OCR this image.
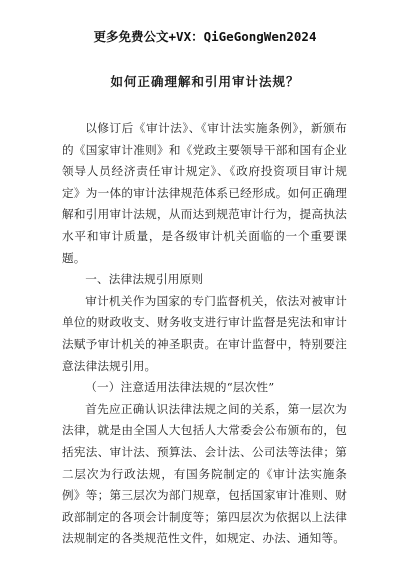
更多免费公文+VX：QiGeGongWen2024
如何正确理解和引用审计法规？

以修订后《审计法》、《审计法实施条例》，新颁布的《国家审计准则》和《党政主要领导干部和国有企业领导人员经济责任审计规定》、《政府投资项目审计规定》为一体的审计法律规范体系已经形成。如何正确理解和引用审计法规，从而达到规范审计行为，提高执法水平和审计质量，是各级审计机关面临的一个重要课题。

一、法律法规引用原则

审计机关作为国家的专门监督机关，依法对被审计单位的财政收支、财务收支进行审计监督是宪法和审计法赋予审计机关的神圣职责。在审计监督中，特别要注意法律法规引用。

（一）注意适用法律法规的“层次性”

首先应正确认识法律法规之间的关系，第一层次为法律，就是由全国人大包括人大常委会公布颁布的，包括宪法、审计法、预算法、会计法、公司法等法律；第二层次为行政法规，有国务院制定的《审计法实施条例》等；第三层次为部门规章，包括国家审计准则、财政部制定的各项会计制度等；第四层次为依据以上法律法规制定的各类规范性文件，如规定、办法、通知等。
